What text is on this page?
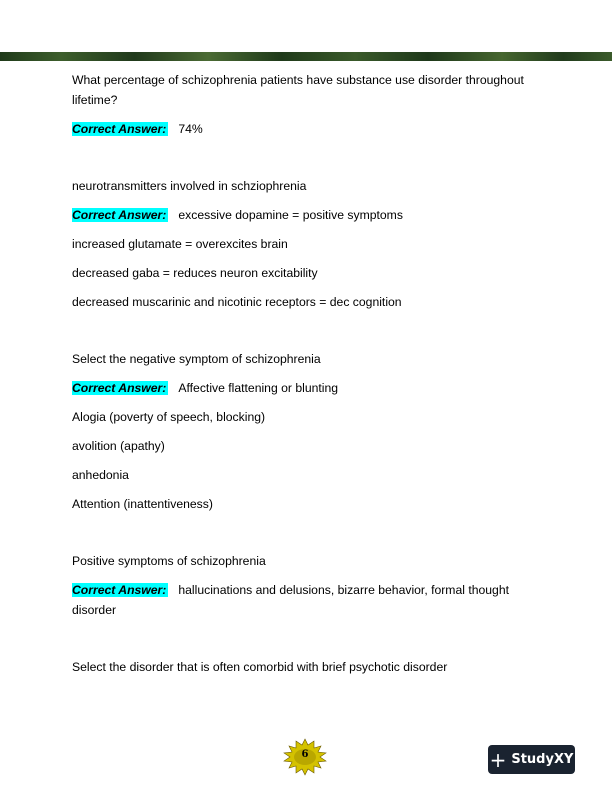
What percentage of schizophrenia patients have substance use disorder throughout lifetime?

Correct Answer: 74%

neurotransmitters involved in schziophrenia

Correct Answer: excessive dopamine = positive symptoms

increased glutamate = overexcites brain

decreased gaba = reduces neuron excitability

decreased muscarinic and nicotinic receptors = dec cognition

Select the negative symptom of schizophrenia

Correct Answer: Affective flattening or blunting

Alogia (poverty of speech, blocking)

avolition (apathy)

anhedonia

Attention (inattentiveness)

Positive symptoms of schizophrenia

Correct Answer: hallucinations and delusions, bizarre behavior, formal thought disorder

Select the disorder that is often comorbid with brief psychotic disorder

6	+ StudyXY
